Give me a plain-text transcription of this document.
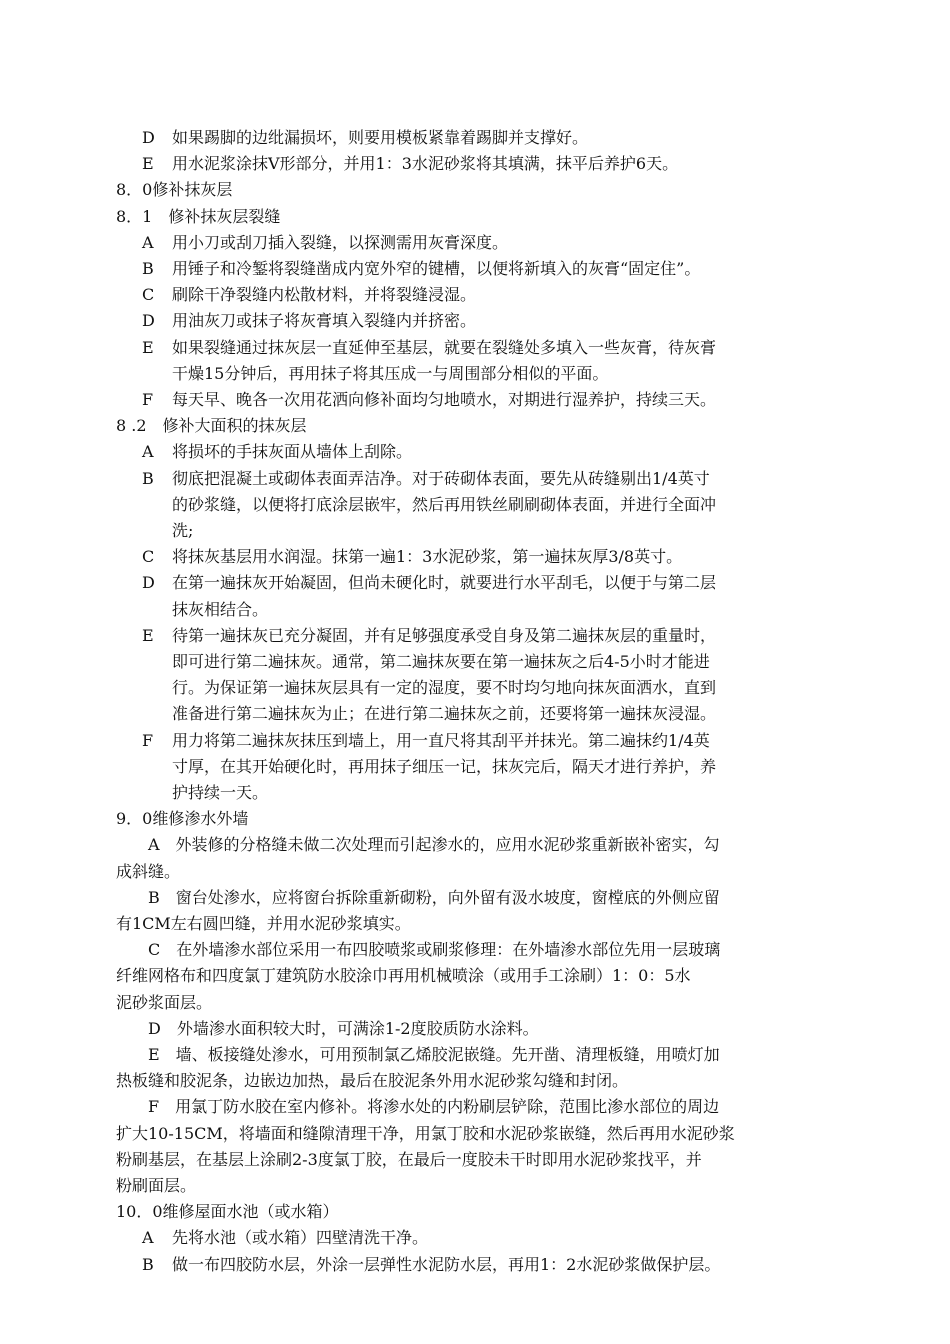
D	如果踢脚的边纰漏损坏，则要用模板紧靠着踢脚并支撑好。
E	用水泥浆涂抹V形部分，并用1：3水泥砂浆将其填满，抹平后养护6天。
8．0修补抹灰层
8．1　修补抹灰层裂缝
A	用小刀或刮刀插入裂缝，以探测需用灰膏深度。
B	用锤子和冷錾将裂缝凿成内宽外窄的键槽，以便将新填入的灰膏“固定住”。
C	刷除干净裂缝内松散材料，并将裂缝浸湿。
D	用油灰刀或抹子将灰膏填入裂缝内并挤密。
E	如果裂缝通过抹灰层一直延伸至基层，就要在裂缝处多填入一些灰膏，待灰膏
干燥15分钟后，再用抹子将其压成一与周围部分相似的平面。
F	每天早、晚各一次用花洒向修补面均匀地喷水，对期进行湿养护，持续三天。
8 .2　修补大面积的抹灰层
A	将损坏的手抹灰面从墙体上刮除。
B	彻底把混凝土或砌体表面弄洁净。对于砖砌体表面，要先从砖缝剔出1/4英寸
的砂浆缝，以便将打底涂层嵌牢，然后再用铁丝刷刷砌体表面，并进行全面冲
洗;
C	将抹灰基层用水润湿。抹第一遍1：3水泥砂浆，第一遍抹灰厚3/8英寸。
D	在第一遍抹灰开始凝固，但尚未硬化时，就要进行水平刮毛，以便于与第二层
抹灰相结合。
E	待第一遍抹灰已充分凝固，并有足够强度承受自身及第二遍抹灰层的重量时，
即可进行第二遍抹灰。通常，第二遍抹灰要在第一遍抹灰之后4-5小时才能进
行。为保证第一遍抹灰层具有一定的湿度，要不时均匀地向抹灰面洒水，直到
准备进行第二遍抹灰为止；在进行第二遍抹灰之前，还要将第一遍抹灰浸湿。
F	用力将第二遍抹灰抹压到墙上，用一直尺将其刮平并抹光。第二遍抹约1/4英
寸厚，在其开始硬化时，再用抹子细压一记，抹灰完后，隔天才进行养护，养
护持续一天。
9．0维修渗水外墙
A　外装修的分格缝未做二次处理而引起渗水的，应用水泥砂浆重新嵌补密实，勾
成斜缝。
B　窗台处渗水，应将窗台拆除重新砌粉，向外留有汲水坡度，窗樘底的外侧应留
有1CM左右圆凹缝，并用水泥砂浆填实。
C　在外墙渗水部位采用一布四胶喷浆或刷浆修理：在外墙渗水部位先用一层玻璃
纤维网格布和四度氯丁建筑防水胶涂巾再用机械喷涂（或用手工涂刷）1：0：5水
泥砂浆面层。
D　外墙渗水面积较大时，可满涂1-2度胶质防水涂料。
E　墙、板接缝处渗水，可用预制氯乙烯胶泥嵌缝。先开凿、清理板缝，用喷灯加
热板缝和胶泥条，边嵌边加热，最后在胶泥条外用水泥砂浆勾缝和封闭。
F　用氯丁防水胶在室内修补。将渗水处的内粉刷层铲除，范围比渗水部位的周边
扩大10-15CM，将墙面和缝隙清理干净，用氯丁胶和水泥砂浆嵌缝，然后再用水泥砂浆
粉刷基层，在基层上涂刷2-3度氯丁胶，在最后一度胶未干时即用水泥砂浆找平，并
粉刷面层。
10．0维修屋面水池（或水箱）
A	先将水池（或水箱）四壁清洗干净。
B	做一布四胶防水层，外涂一层弹性水泥防水层，再用1：2水泥砂浆做保护层。
